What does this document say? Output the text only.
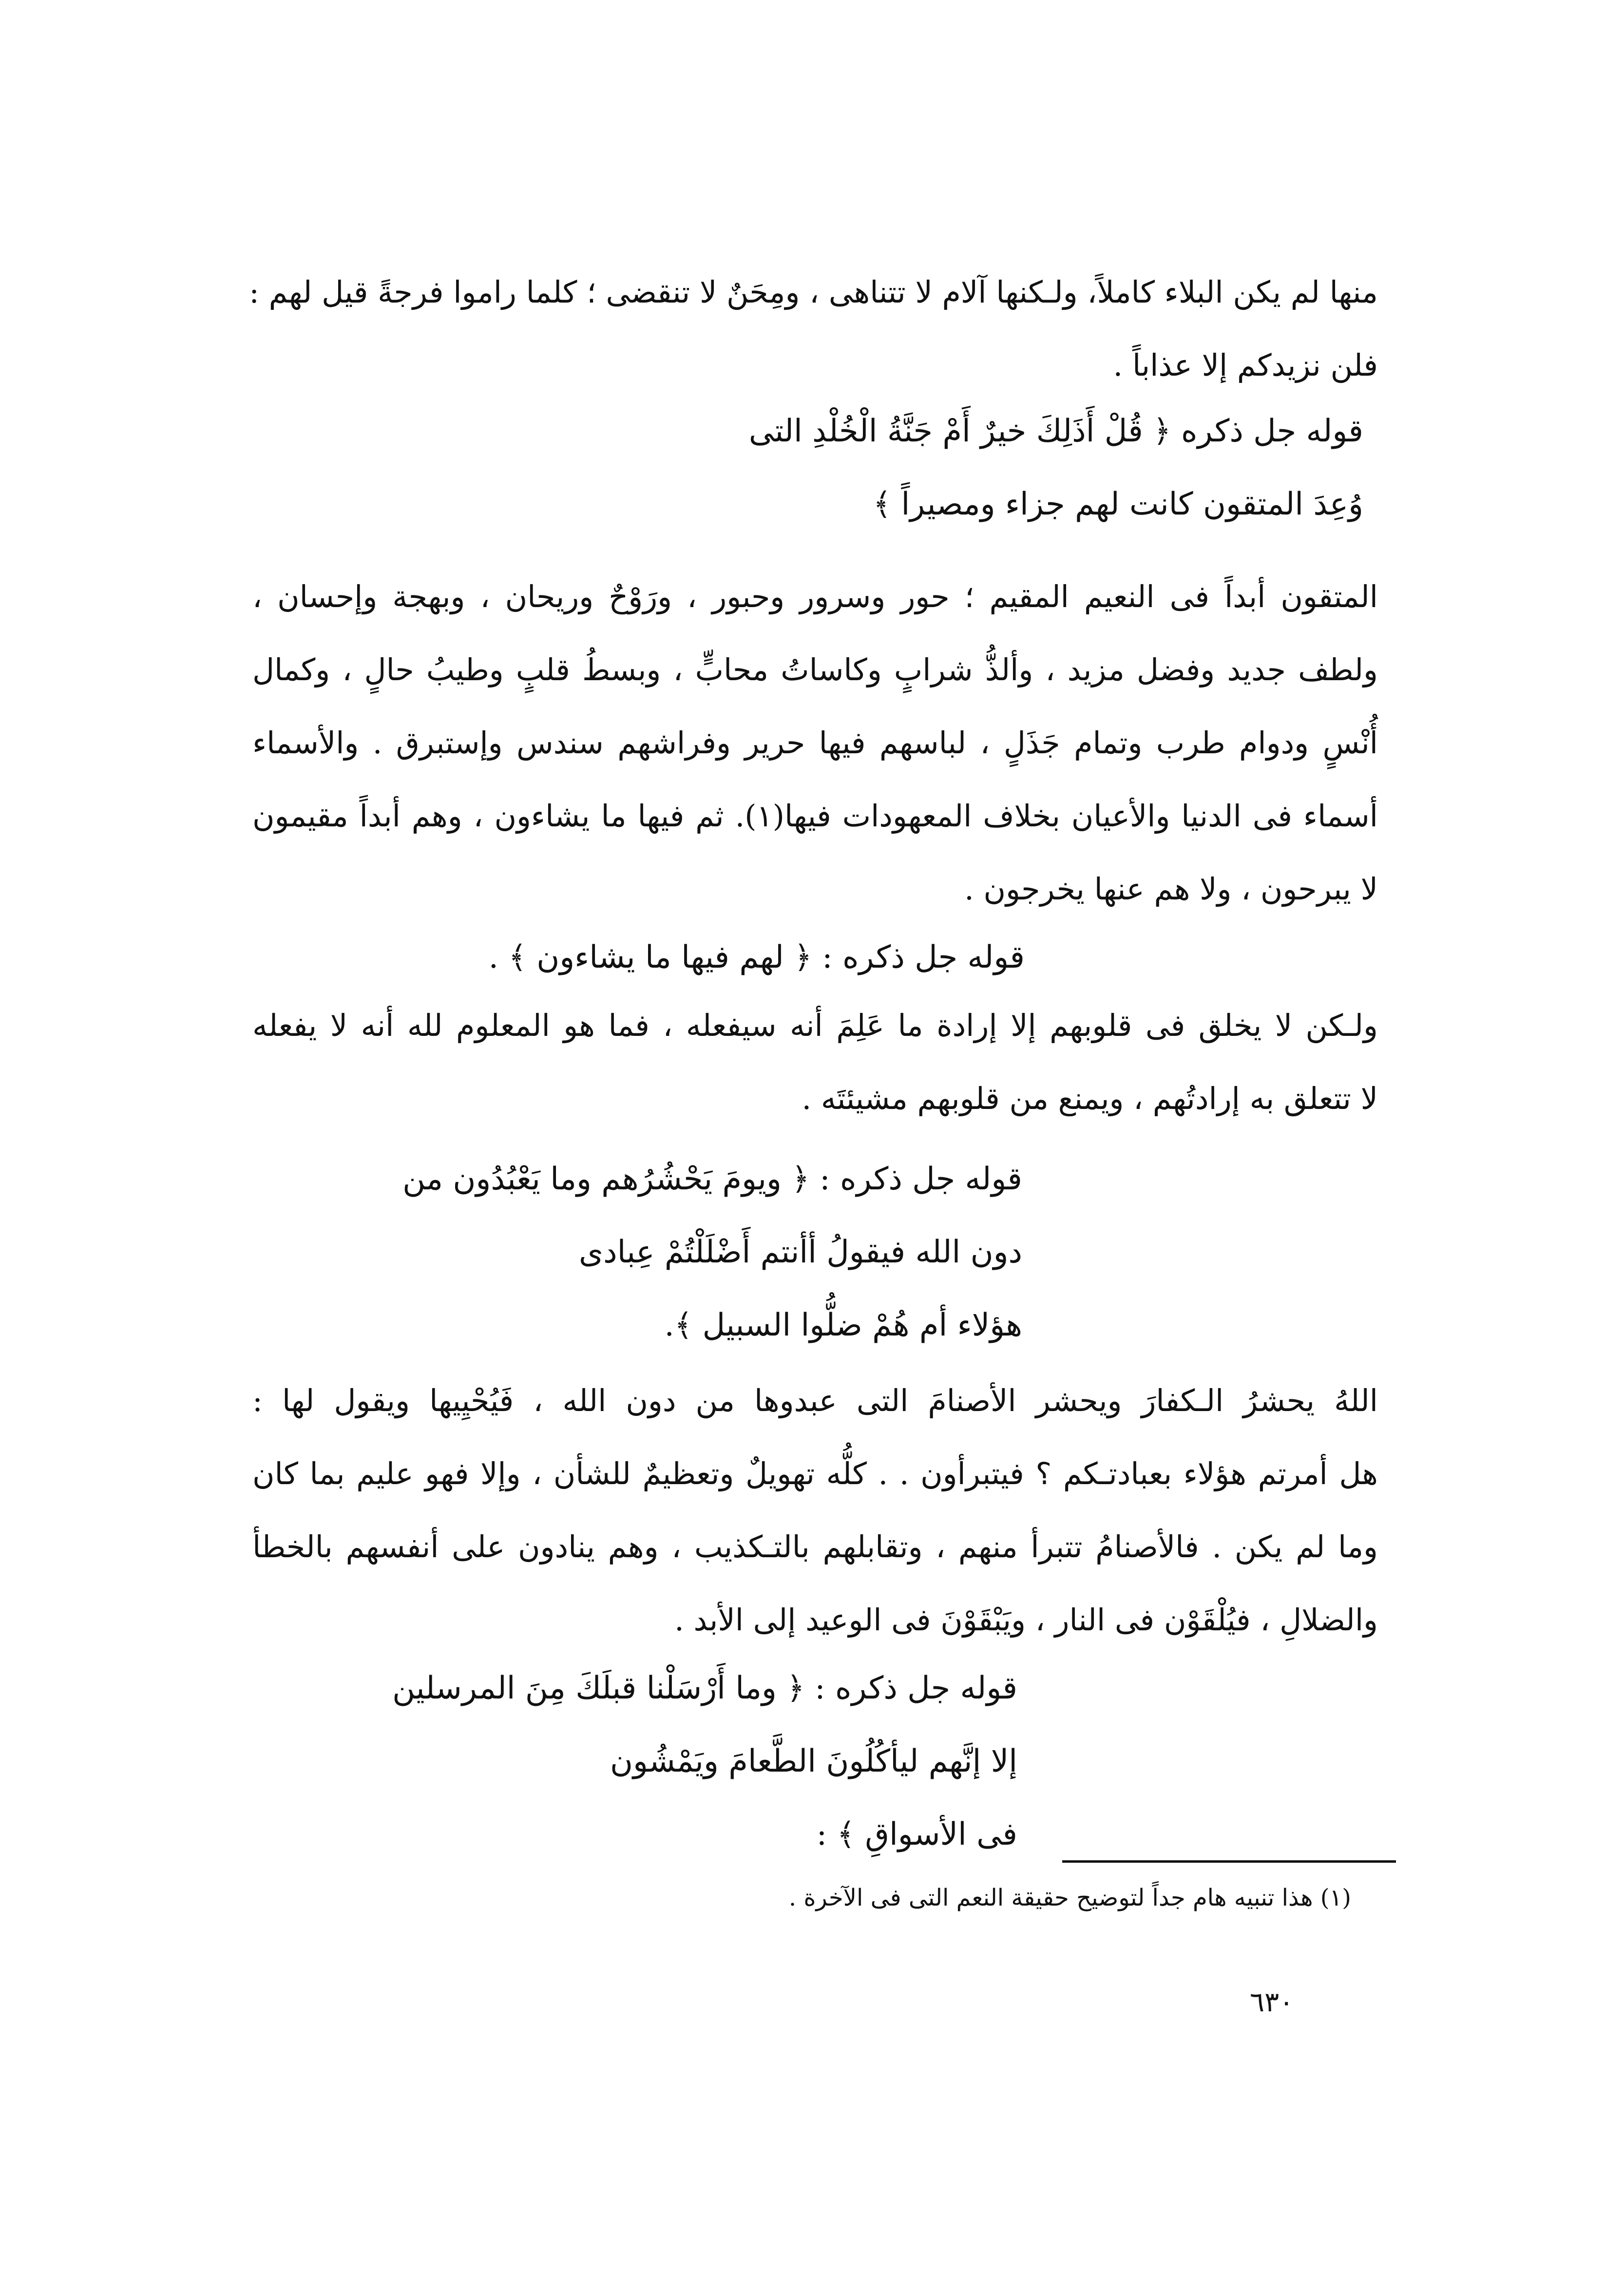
منها لم يكن البلاء كاملاً، ولـكنها آلام لا تتناهى ، ومِحَنٌ لا تنقضى ؛ كلما راموا فرجةً قيل لهم :
فلن نزيدكم إلا عذاباً .
قوله جل ذكره ﴿ قُلْ أَذَلِكَ خيرٌ أَمْ جَنَّةُ الْخُلْدِ التى
وُعِدَ المتقون كانت لهم جزاء ومصيراً ﴾
المتقون أبداً فى النعيم المقيم ؛ حور وسرور وحبور ، ورَوْحٌ وريحان ، وبهجة وإحسان ،
ولطف جديد وفضل مزيد ، وألذُّ شرابٍ وكاساتُ محابٍّ ، وبسطُ قلبٍ وطيبُ حالٍ ، وكمال
أُنْسٍ ودوام طرب وتمام جَذَلٍ ، لباسهم فيها حرير وفراشهم سندس وإستبرق . والأسماء
أسماء فى الدنيا والأعيان بخلاف المعهودات فيها(١). ثم فيها ما يشاءون ، وهم أبداً مقيمون
لا يبرحون ، ولا هم عنها يخرجون .
قوله جل ذكره : ﴿ لهم فيها ما يشاءون ﴾ .
ولـكن لا يخلق فى قلوبهم إلا إرادة ما عَلِمَ أنه سيفعله ، فما هو المعلوم لله أنه لا يفعله
لا تتعلق به إرادتُهم ، ويمنع من قلوبهم مشيئتَه .
قوله جل ذكره : ﴿ ويومَ يَحْشُرُهم وما يَعْبُدُون من
دون الله فيقولُ أأنتم أَضْلَلْتُمْ عِبادى
هؤلاء أم هُمْ ضلُّوا السبيل ﴾.
اللهُ يحشرُ الـكفارَ ويحشر الأصنامَ التى عبدوها من دون الله ، فَيُحْيِيها ويقول لها :
هل أمرتم هؤلاء بعبادتـكم ؟ فيتبرأون . . كلُّه تهويلٌ وتعظيمٌ للشأن ، وإلا فهو عليم بما كان
وما لم يكن . فالأصنامُ تتبرأ منهم ، وتقابلهم بالتـكذيب ، وهم ينادون على أنفسهم بالخطأ
والضلالِ ، فيُلْقَوْن فى النار ، ويَبْقَوْنَ فى الوعيد إلى الأبد .
قوله جل ذكره : ﴿ وما أَرْسَلْنا قبلَكَ مِنَ المرسلين
إلا إنَّهم ليأكُلُونَ الطَّعامَ ويَمْشُون
فى الأسواقِ ﴾ :
(١) هذا تنبيه هام جداً لتوضيح حقيقة النعم التى فى الآخرة .
٦٣٠
